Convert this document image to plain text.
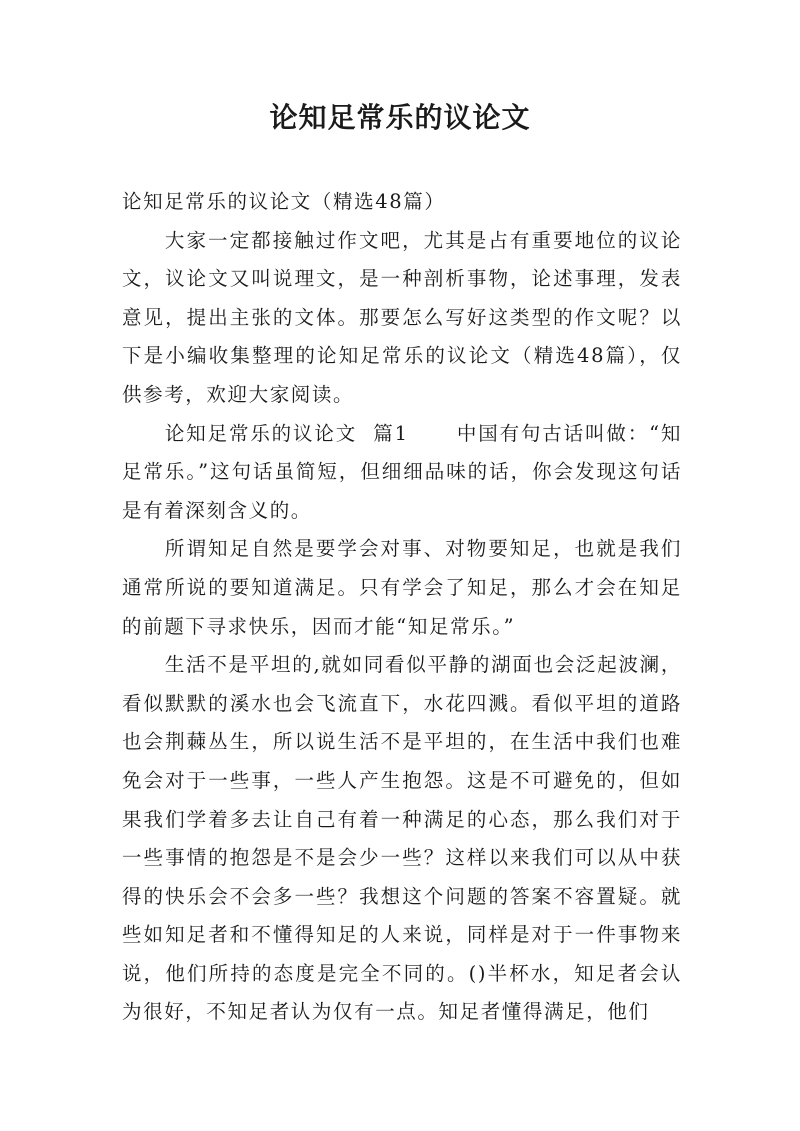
论知足常乐的议论文

论知足常乐的议论文（精选48篇）

大家一定都接触过作文吧，尤其是占有重要地位的议论文，议论文又叫说理文，是一种剖析事物，论述事理，发表意见，提出主张的文体。那要怎么写好这类型的作文呢？以下是小编收集整理的论知足常乐的议论文（精选48篇），仅供参考，欢迎大家阅读。

论知足常乐的议论文  篇1 中国有句古话叫做：“知足常乐。”这句话虽简短，但细细品味的话，你会发现这句话是有着深刻含义的。

所谓知足自然是要学会对事、对物要知足，也就是我们通常所说的要知道满足。只有学会了知足，那么才会在知足的前题下寻求快乐，因而才能“知足常乐。”

生活不是平坦的,就如同看似平静的湖面也会泛起波澜，看似默默的溪水也会飞流直下，水花四溅。看似平坦的道路也会荆蕀丛生，所以说生活不是平坦的，在生活中我们也难免会对于一些事，一些人产生抱怨。这是不可避免的，但如果我们学着多去让自己有着一种满足的心态，那么我们对于一些事情的抱怨是不是会少一些？这样以来我们可以从中获得的快乐会不会多一些？我想这个问题的答案不容置疑。就些如知足者和不懂得知足的人来说，同样是对于一件事物来说，他们所持的态度是完全不同的。()半杯水，知足者会认为很好，不知足者认为仅有一点。知足者懂得满足，他们
